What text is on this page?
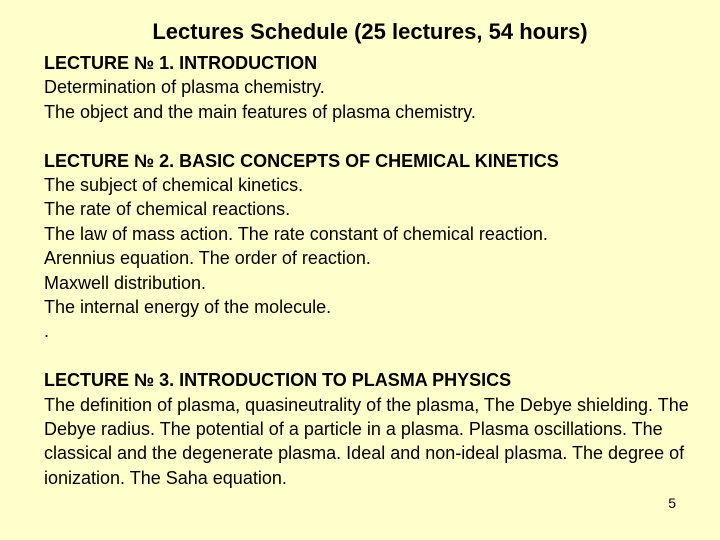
Lectures Schedule (25 lectures, 54 hours)
LECTURE № 1. INTRODUCTION
Determination of plasma chemistry.
The object and the main features of plasma chemistry.
LECTURE № 2. BASIC CONCEPTS OF CHEMICAL KINETICS
The subject of chemical kinetics.
The rate of chemical reactions.
The law of mass action. The rate constant of chemical reaction.
Arennius equation. The order of reaction.
Maxwell distribution.
The internal energy of the molecule.
.
LECTURE № 3. INTRODUCTION TO PLASMA PHYSICS
The definition of plasma, quasineutrality of the plasma, The Debye shielding. The Debye radius. The potential of a particle in a plasma. Plasma oscillations. The classical and the degenerate plasma. Ideal and non-ideal plasma. The degree of ionization. The Saha equation.
5
